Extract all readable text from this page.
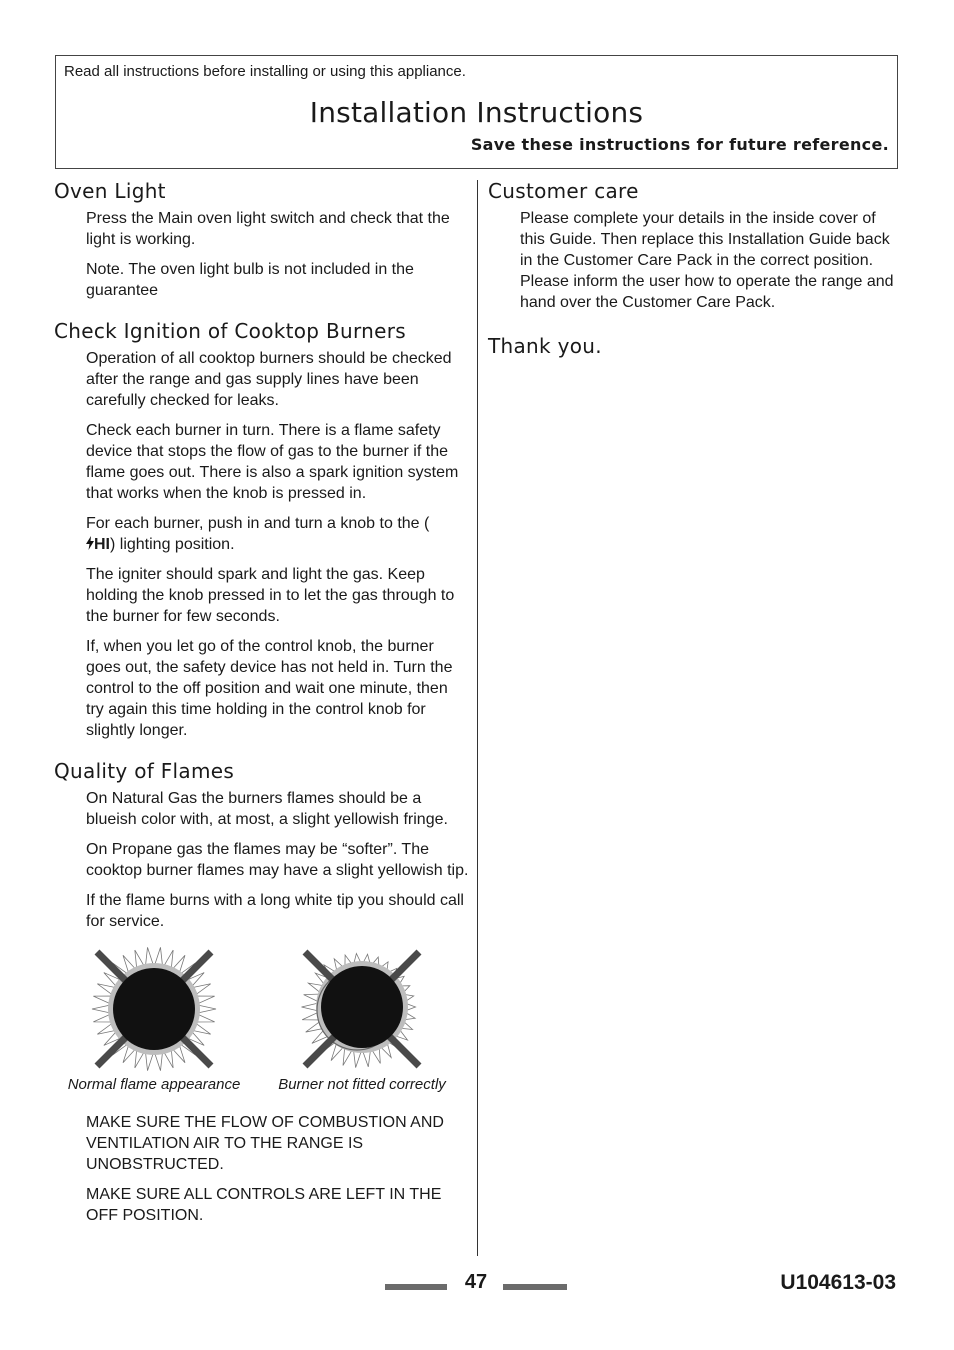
Read all instructions before installing or using this appliance.
Installation Instructions
Save these instructions for future reference.
Oven Light

Press the Main oven light switch and check that the light is working.

Note. The oven light bulb is not included in the guarantee

Check Ignition of Cooktop Burners

Operation of all cooktop burners should be checked after the range and gas supply lines have been carefully checked for leaks.

Check each burner in turn. There is a flame safety device that stops the flow of gas to the burner if the flame goes out. There is also a spark ignition system that works when the knob is pressed in.

For each burner, push in and turn a knob to the (
HI) lighting position.

The igniter should spark and light the gas. Keep holding the knob pressed in to let the gas through to the burner for few seconds.

If, when you let go of the control knob, the burner goes out, the safety device has not held in. Turn the control to the off position and wait one minute, then try again this time holding in the control knob for slightly longer.

Quality of Flames

On Natural Gas the burners flames should be a blueish color with, at most, a slight yellowish fringe.

On Propane gas the flames may be “softer”. The cooktop burner flames may have a slight yellowish tip.

If the flame burns with a long white tip you should call for service.

Normal flame appearance	Burner not fitted correctly

MAKE SURE THE FLOW OF COMBUSTION AND VENTILATION AIR TO THE RANGE IS UNOBSTRUCTED.

MAKE SURE ALL CONTROLS ARE LEFT IN THE OFF POSITION.

Customer care

Please complete your details in the inside cover of this Guide. Then replace this Installation Guide back in the Customer Care Pack in the correct position. Please inform the user how to operate the range and hand over the Customer Care Pack.

Thank you.
47	U104613-03
